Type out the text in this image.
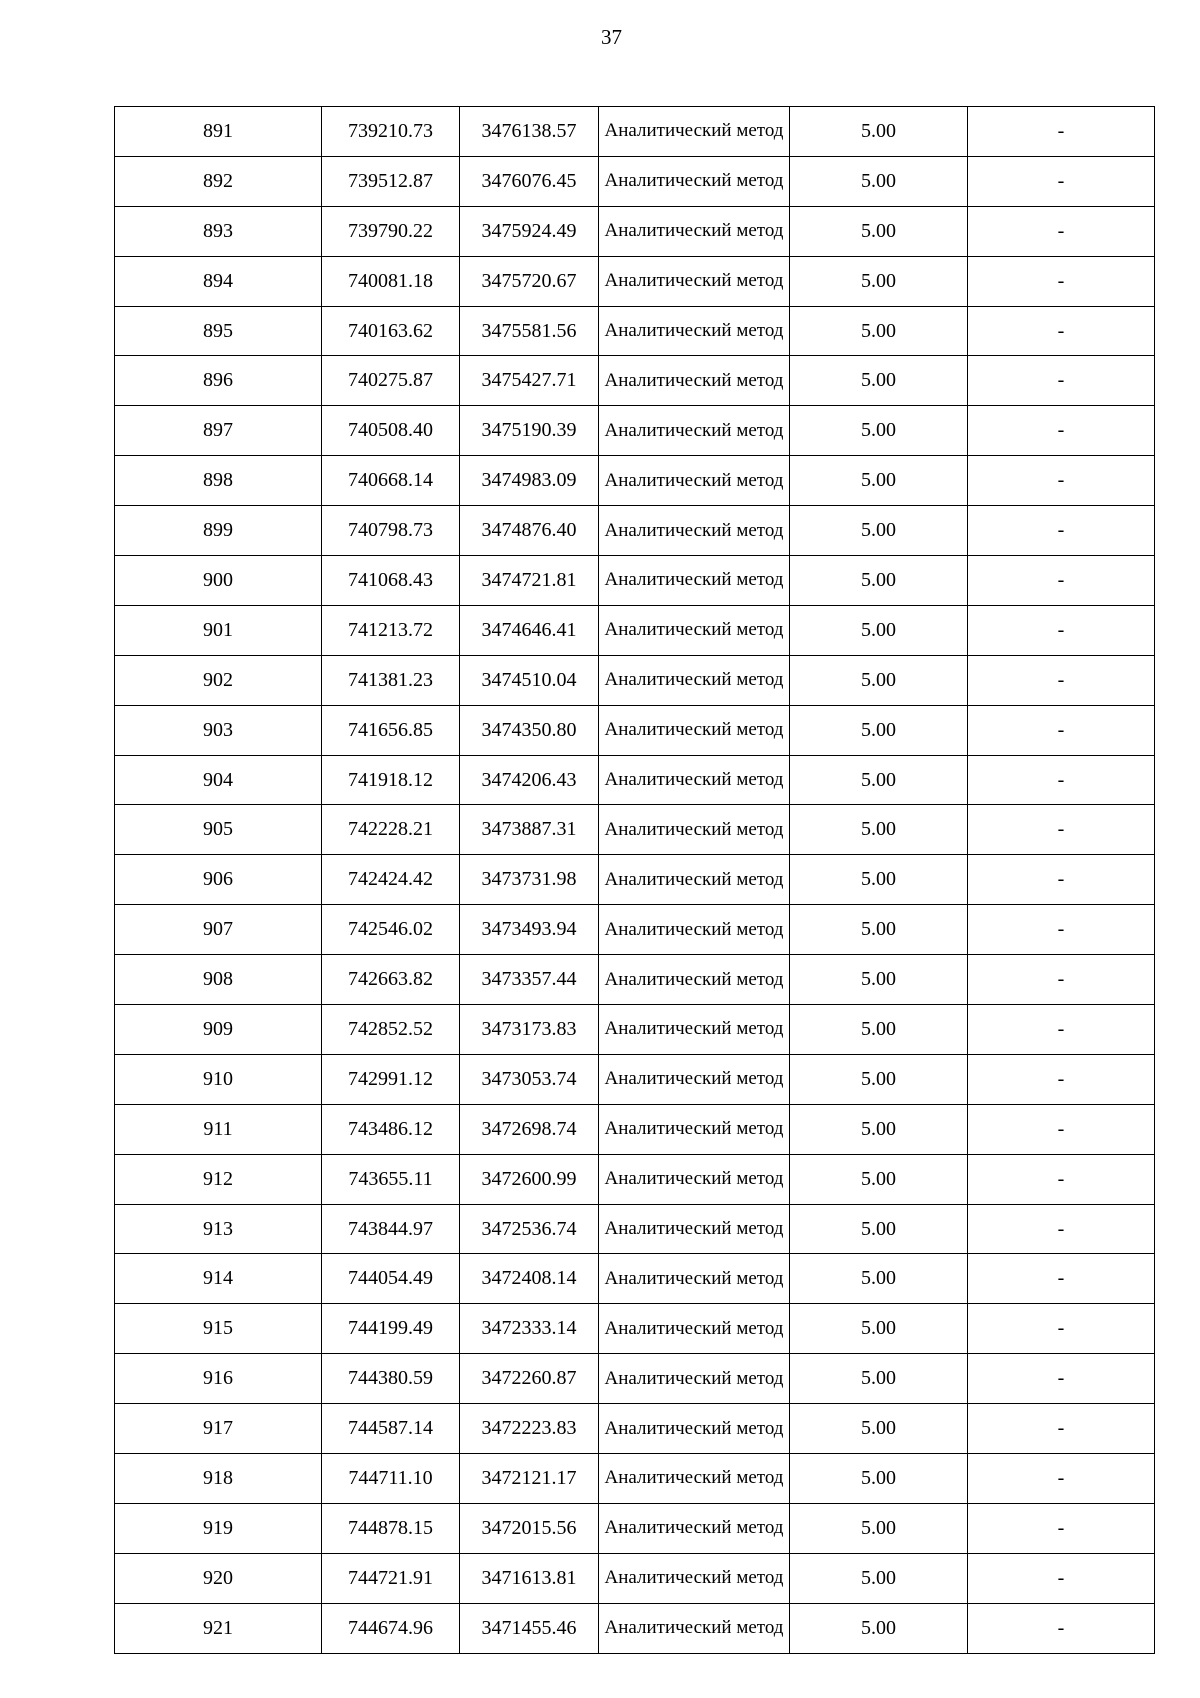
37
891	739210.73	3476138.57	Аналитический метод	5.00	-
892	739512.87	3476076.45	Аналитический метод	5.00	-
893	739790.22	3475924.49	Аналитический метод	5.00	-
894	740081.18	3475720.67	Аналитический метод	5.00	-
895	740163.62	3475581.56	Аналитический метод	5.00	-
896	740275.87	3475427.71	Аналитический метод	5.00	-
897	740508.40	3475190.39	Аналитический метод	5.00	-
898	740668.14	3474983.09	Аналитический метод	5.00	-
899	740798.73	3474876.40	Аналитический метод	5.00	-
900	741068.43	3474721.81	Аналитический метод	5.00	-
901	741213.72	3474646.41	Аналитический метод	5.00	-
902	741381.23	3474510.04	Аналитический метод	5.00	-
903	741656.85	3474350.80	Аналитический метод	5.00	-
904	741918.12	3474206.43	Аналитический метод	5.00	-
905	742228.21	3473887.31	Аналитический метод	5.00	-
906	742424.42	3473731.98	Аналитический метод	5.00	-
907	742546.02	3473493.94	Аналитический метод	5.00	-
908	742663.82	3473357.44	Аналитический метод	5.00	-
909	742852.52	3473173.83	Аналитический метод	5.00	-
910	742991.12	3473053.74	Аналитический метод	5.00	-
911	743486.12	3472698.74	Аналитический метод	5.00	-
912	743655.11	3472600.99	Аналитический метод	5.00	-
913	743844.97	3472536.74	Аналитический метод	5.00	-
914	744054.49	3472408.14	Аналитический метод	5.00	-
915	744199.49	3472333.14	Аналитический метод	5.00	-
916	744380.59	3472260.87	Аналитический метод	5.00	-
917	744587.14	3472223.83	Аналитический метод	5.00	-
918	744711.10	3472121.17	Аналитический метод	5.00	-
919	744878.15	3472015.56	Аналитический метод	5.00	-
920	744721.91	3471613.81	Аналитический метод	5.00	-
921	744674.96	3471455.46	Аналитический метод	5.00	-
